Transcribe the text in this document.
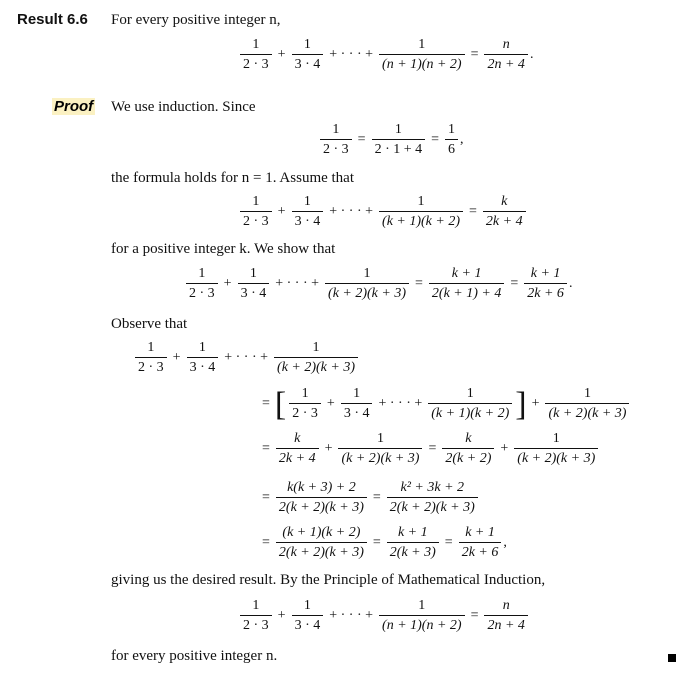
Result 6.6 For every positive integer n,
$\frac{1}{2 \cdot 3} + \frac{1}{3 \cdot 4}$ + · · · + $\frac{1}{(n + 1)(n + 2)} = \frac{n}{2n + 4}$ .
Proof We use induction. Since
$\frac{1}{2 \cdot 3} = \frac{1}{2 \cdot 1 + 4} = \frac{1}{6}$ ,
the formula holds for n = 1. Assume that
$\frac{1}{2 \cdot 3} + \frac{1}{3 \cdot 4}$ + · · · + $\frac{1}{(k + 1)(k + 2)} = \frac{k}{2k + 4}$
for a positive integer k. We show that
$\frac{1}{2 \cdot 3} + \frac{1}{3 \cdot 4}$ + · · · + $\frac{1}{(k + 2)(k + 3)} = \frac{k + 1}{2(k + 1) + 4} = \frac{k + 1}{2k + 6}$ .
Observe that
$\frac{1}{2 \cdot 3} + \frac{1}{3 \cdot 4}$ + · · · + $\frac{1}{(k + 2)(k + 3)}$
= [ $\frac{1}{2 \cdot 3} + \frac{1}{3 \cdot 4}$ + · · · + $\frac{1}{(k + 1)(k + 2)}$ ] + $\frac{1}{(k + 2)(k + 3)}$
= $\frac{k}{2k + 4} + \frac{1}{(k + 2)(k + 3)} = \frac{k}{2(k + 2)} + \frac{1}{(k + 2)(k + 3)}$
= $\frac{k(k + 3) + 2}{2(k + 2)(k + 3)} = \frac{\text{k² + 3k + 2}}{2(k + 2)(k + 3)}$
= $\frac{(k + 1)(k + 2)}{2(k + 2)(k + 3)} = \frac{k + 1}{2(k + 3)} = \frac{k + 1}{2k + 6}$ ,
giving us the desired result. By the Principle of Mathematical Induction,
$\frac{1}{2 \cdot 3} + \frac{1}{3 \cdot 4}$ + · · · + $\frac{1}{(n + 1)(n + 2)} = \frac{n}{2n + 4}$
for every positive integer n.
